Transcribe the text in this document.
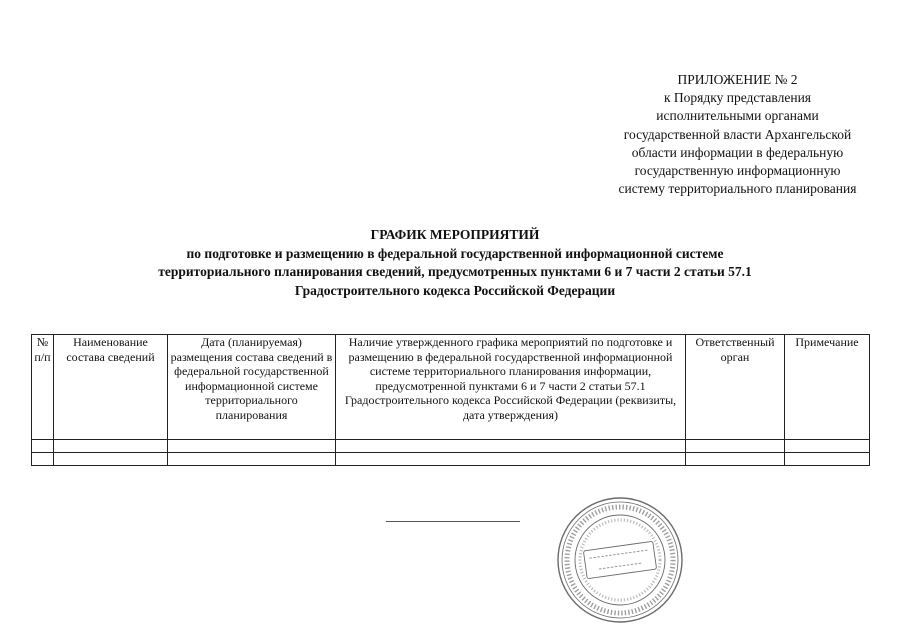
ПРИЛОЖЕНИЕ № 2
к Порядку представления
исполнительными органами
государственной власти Архангельской
области информации в федеральную
государственную информационную
систему территориального планирования
ГРАФИК МЕРОПРИЯТИЙ
по подготовке и размещению в федеральной государственной информационной системе
территориального планирования сведений, предусмотренных пунктами 6 и 7 части 2 статьи 57.1
Градостроительного кодекса Российской Федерации
№ п/п	Наименование состава сведений	Дата (планируемая) размещения состава сведений в федеральной государственной информационной системе территориального планирования	Наличие утвержденного графика мероприятий по подготовке и размещению в федеральной государственной информационной системе территориального планирования информации, предусмотренной пунктами 6 и 7 части 2 статьи 57.1 Градостроительного кодекса Российской Федерации (реквизиты, дата утверждения)	Ответственный орган	Примечание
